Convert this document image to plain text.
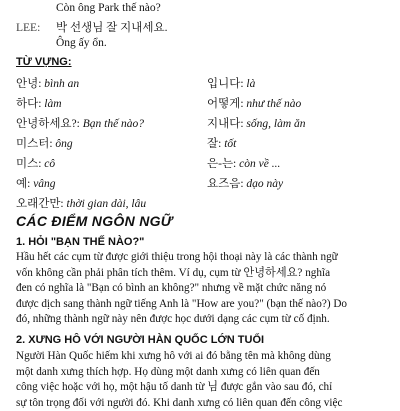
Còn ông Park thế nào?
LEE:	박 선생님 잘 지내세요.
Ông ấy ổn.
TỪ VỰNG:
안녕: bình an
하다: làm
안녕하세요?: Bạn thế nào?
미스터: ông
미스: cô
예: vâng
오래간만: thời gian dài, lâu
입니다: là
어떻게: như thế nào
지내다: sống, làm ăn
잘: tốt
은-는: còn về ...
요즈음: dạo này
CÁC ĐIỂM NGÔN NGỮ
1. HỎI "BẠN THẾ NÀO?"
Hầu hết các cụm từ được giới thiệu trong hội thoại này là các thành ngữ
vốn không cần phải phân tích thêm. Ví dụ, cụm từ 안녕하세요? nghĩa
đen có nghĩa là "Bạn có bình an không?" nhưng về mặt chức năng nó
được dịch sang thành ngữ tiếng Anh là "How are you?" (bạn thế nào?) Do
đó, những thành ngữ này nên được học dưới dạng các cụm từ cố định.
2. XƯNG HÔ VỚI NGƯỜI HÀN QUỐC LỚN TUỔI
Người Hàn Quốc hiếm khi xưng hô với ai đó bằng tên mà không dùng
một danh xưng thích hợp. Họ dùng một danh xưng có liên quan đến
công việc hoặc với họ, một hậu tố danh từ 님 được gắn vào sau đó, chỉ
sự tôn trọng đối với người đó. Khi danh xưng có liên quan đến công việc
